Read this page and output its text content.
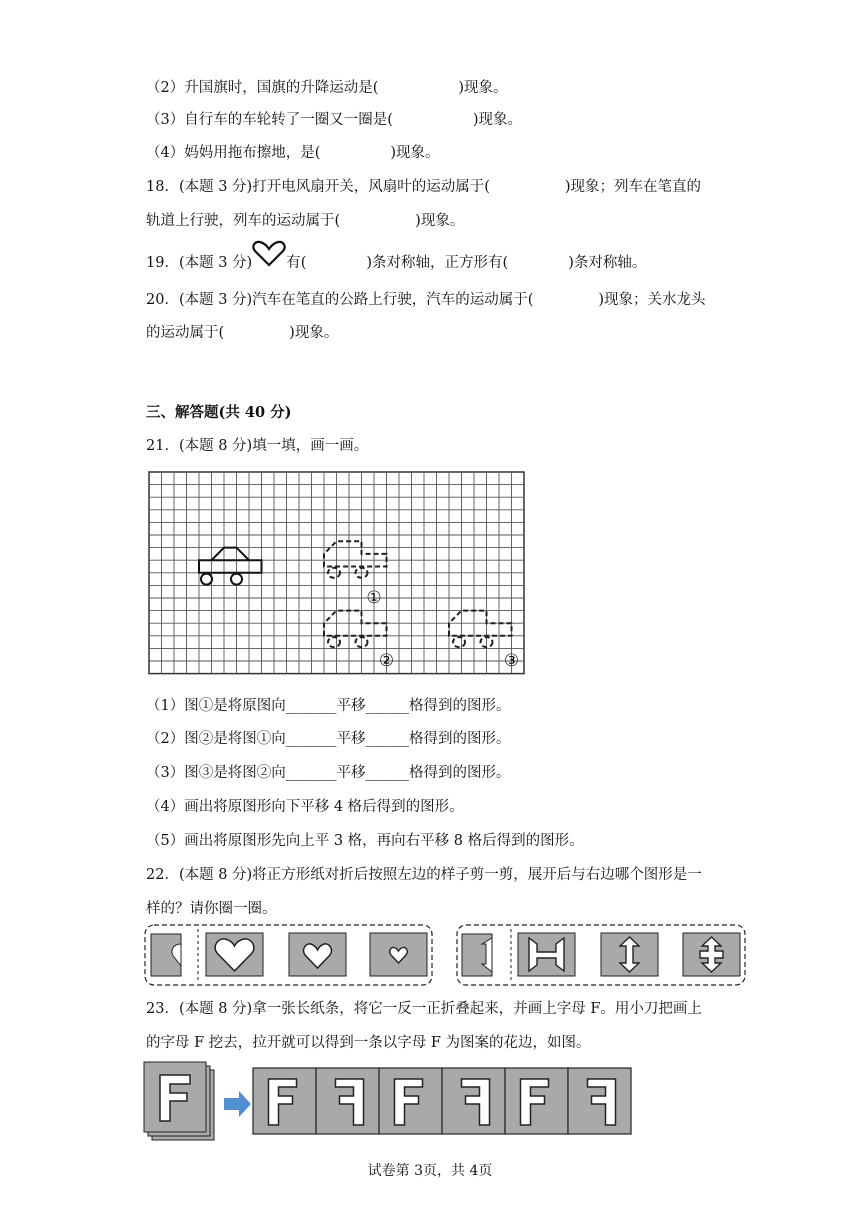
（2）升国旗时，国旗的升降运动是(	)现象。
（3）自行车的车轮转了一圈又一圈是(	)现象。
（4）妈妈用拖布擦地，是(	)现象。
18．(本题 3 分)打开电风扇开关，风扇叶的运动属于(	)现象；列车在笔直的
轨道上行驶，列车的运动属于(	)现象。
19．(本题 3 分) 有(	)条对称轴，正方形有(	)条对称轴。
20．(本题 3 分)汽车在笔直的公路上行驶，汽车的运动属于(	)现象；关水龙头
的运动属于(	)现象。
三、解答题(共 40 分)
21．(本题 8 分)填一填，画一画。
①
②	③
（1）图①是将原图向_______平移______格得到的图形。
（2）图②是将图①向_______平移______格得到的图形。
（3）图③是将图②向_______平移______格得到的图形。
（4）画出将原图形向下平移 4 格后得到的图形。
（5）画出将原图形先向上平 3 格，再向右平移 8 格后得到的图形。
22．(本题 8 分)将正方形纸对折后按照左边的样子剪一剪，展开后与右边哪个图形是一
样的？请你圈一圈。
23．(本题 8 分)拿一张长纸条，将它一反一正折叠起来，并画上字母 F。用小刀把画上
的字母 F 挖去，拉开就可以得到一条以字母 F 为图案的花边，如图。
试卷第 3页，共 4页
